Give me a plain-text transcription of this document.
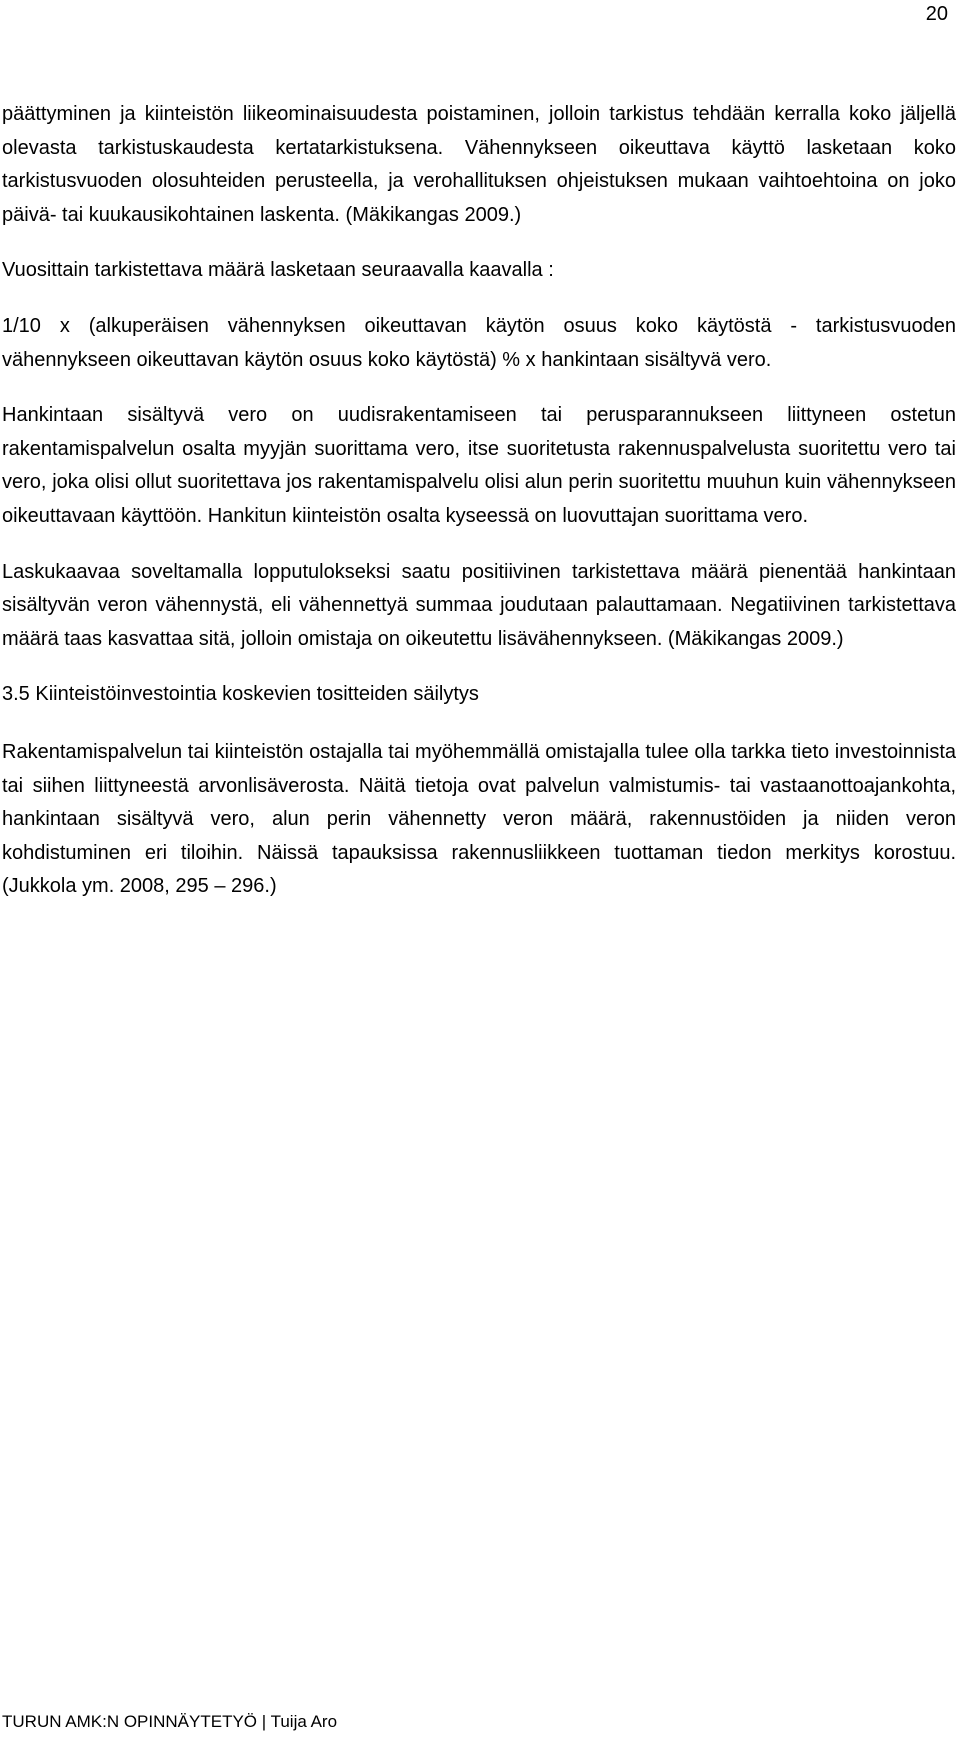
20

päättyminen ja kiinteistön liikeominaisuudesta poistaminen, jolloin tarkistus tehdään kerralla koko jäljellä olevasta tarkistuskaudesta kertatarkistuksena. Vähennykseen oikeuttava käyttö lasketaan koko tarkistusvuoden olosuhteiden perusteella, ja verohallituksen ohjeistuksen mukaan vaihtoehtoina on joko päivä- tai kuukausikohtainen laskenta. (Mäkikangas 2009.)

Vuosittain tarkistettava määrä lasketaan seuraavalla kaavalla :

1/10 x (alkuperäisen vähennyksen oikeuttavan käytön osuus koko käytöstä - tarkistusvuoden vähennykseen oikeuttavan käytön osuus koko käytöstä) % x hankintaan sisältyvä vero.

Hankintaan sisältyvä vero on uudisrakentamiseen tai perusparannukseen liittyneen ostetun rakentamispalvelun osalta myyjän suorittama vero, itse suoritetusta rakennuspalvelusta suoritettu vero tai vero, joka olisi ollut suoritettava jos rakentamispalvelu olisi alun perin suoritettu muuhun kuin vähennykseen oikeuttavaan käyttöön. Hankitun kiinteistön osalta kyseessä on luovuttajan suorittama vero.

Laskukaavaa soveltamalla lopputulokseksi saatu positiivinen tarkistettava määrä pienentää hankintaan sisältyvän veron vähennystä, eli vähennettyä summaa joudutaan palauttamaan. Negatiivinen tarkistettava määrä taas kasvattaa sitä, jolloin omistaja on oikeutettu lisävähennykseen. (Mäkikangas 2009.)

3.5 Kiinteistöinvestointia koskevien tositteiden säilytys

Rakentamispalvelun tai kiinteistön ostajalla tai myöhemmällä omistajalla tulee olla tarkka tieto investoinnista tai siihen liittyneestä arvonlisäverosta. Näitä tietoja ovat palvelun valmistumis- tai vastaanottoajankohta, hankintaan sisältyvä vero, alun perin vähennetty veron määrä, rakennustöiden ja niiden veron kohdistuminen eri tiloihin. Näissä tapauksissa rakennusliikkeen tuottaman tiedon merkitys korostuu. (Jukkola ym. 2008, 295 – 296.)

TURUN AMK:N OPINNÄYTETYÖ | Tuija Aro
